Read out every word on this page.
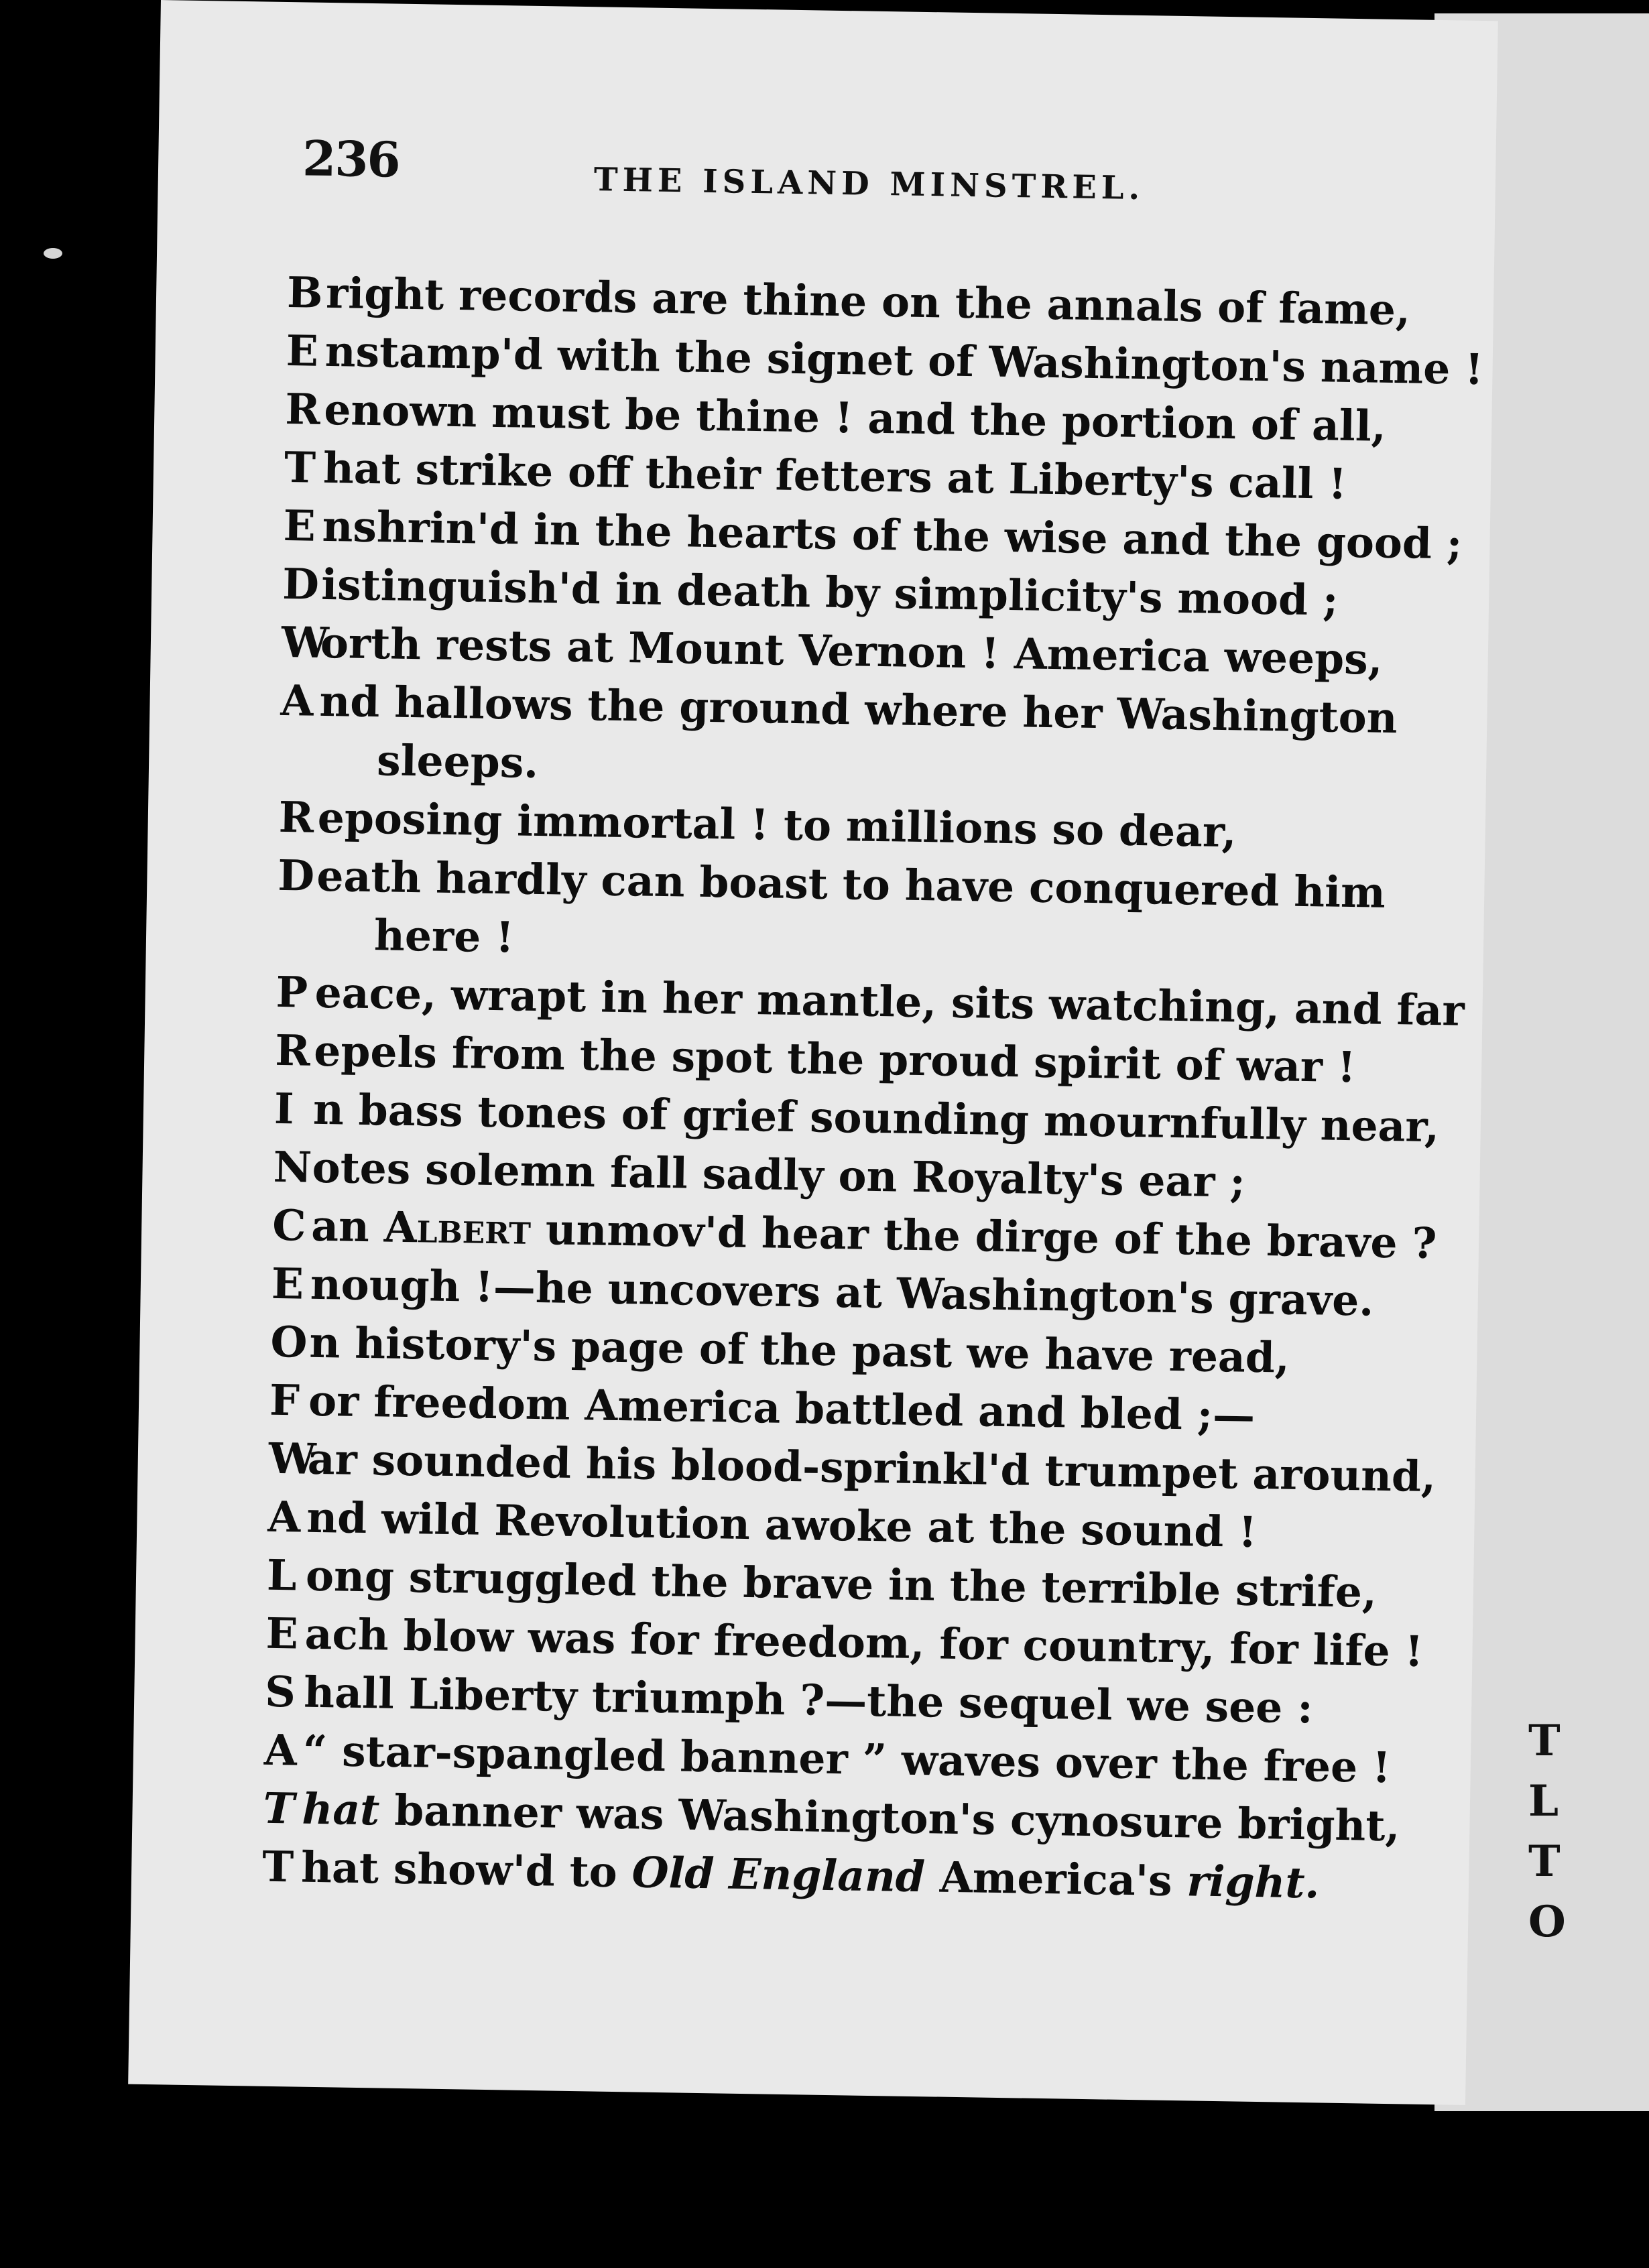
T
L
T
O
236	THE ISLAND MINSTREL.
Bright records are thine on the annals of fame,
E nstamp'd with the signet of Washington's name !
Renown must be thine ! and the portion of all,
T hat strike off their fetters at Liberty's call !
E nshrin'd in the hearts of the wise and the good ;
Distinguish'd in death by simplicity's mood ;
Worth rests at Mount Vernon ! America weeps,
A nd hallows the ground where her Washington
sleeps.
Reposing immortal ! to millions so dear,
Death hardly can boast to have conquered him
here !
P eace, wrapt in her mantle, sits watching, and far
Repels from the spot the proud spirit of war !
I n bass tones of grief sounding mournfully near,
Notes solemn fall sadly on Royalty's ear ;
C an Albert unmov'd hear the dirge of the brave ?
E nough !—he uncovers at Washington's grave.
On history's page of the past we have read,
F or freedom America battled and bled ;—
War sounded his blood-sprinkl'd trumpet around,
A nd wild Revolution awoke at the sound !
L ong struggled the brave in the terrible strife,
E ach blow was for freedom, for country, for life !
S hall Liberty triumph ?—the sequel we see :
A “ star-spangled banner ” waves over the free !
T hat banner was Washington's cynosure bright,
T hat show'd to Old England America's right.
